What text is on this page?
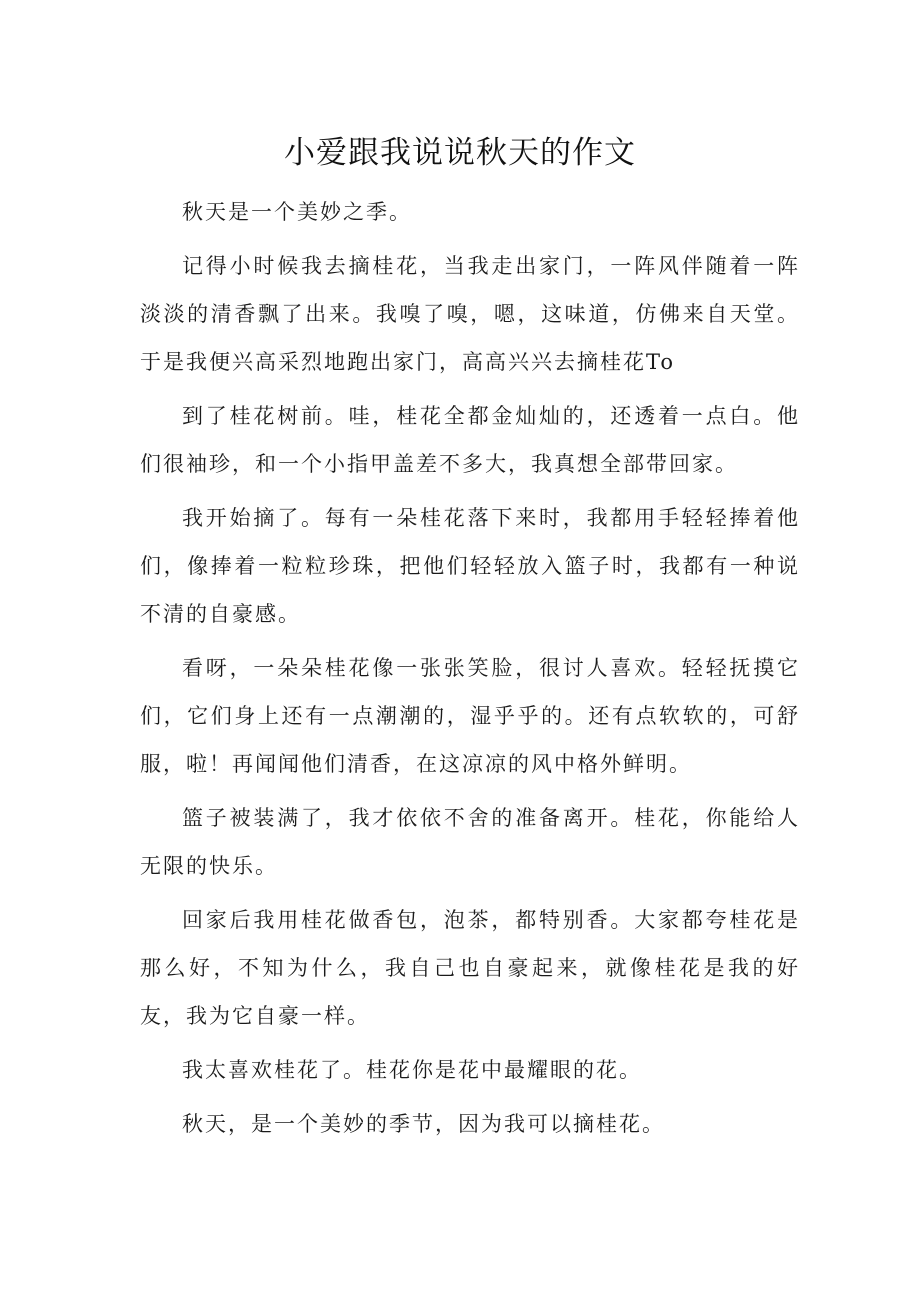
小爱跟我说说秋天的作文

秋天是一个美妙之季。

记得小时候我去摘桂花，当我走出家门，一阵风伴随着一阵淡淡的清香飘了出来。我嗅了嗅，嗯，这味道，仿佛来自天堂。于是我便兴高采烈地跑出家门，高高兴兴去摘桂花To

到了桂花树前。哇，桂花全都金灿灿的，还透着一点白。他们很袖珍，和一个小指甲盖差不多大，我真想全部带回家。

我开始摘了。每有一朵桂花落下来时，我都用手轻轻捧着他们，像捧着一粒粒珍珠，把他们轻轻放入篮子时，我都有一种说不清的自豪感。

看呀，一朵朵桂花像一张张笑脸，很讨人喜欢。轻轻抚摸它们，它们身上还有一点潮潮的，湿乎乎的。还有点软软的，可舒服，啦！再闻闻他们清香，在这凉凉的风中格外鲜明。

篮子被装满了，我才依依不舍的准备离开。桂花，你能给人无限的快乐。

回家后我用桂花做香包，泡茶，都特别香。大家都夸桂花是那么好，不知为什么，我自己也自豪起来，就像桂花是我的好友，我为它自豪一样。

我太喜欢桂花了。桂花你是花中最耀眼的花。

秋天，是一个美妙的季节，因为我可以摘桂花。
